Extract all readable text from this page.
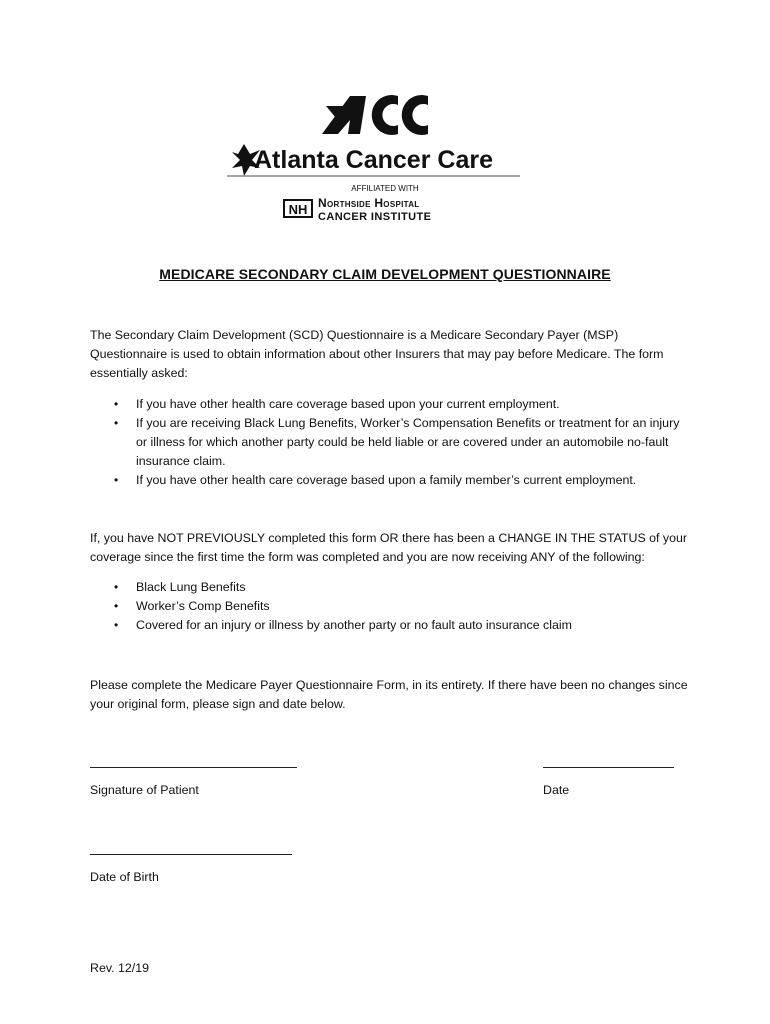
Atlanta Cancer Care
AFFILIATED WITH
NH Northside Hospital
CANCER INSTITUTE
MEDICARE SECONDARY CLAIM DEVELOPMENT QUESTIONNAIRE
The Secondary Claim Development (SCD) Questionnaire is a Medicare Secondary Payer (MSP) Questionnaire is used to obtain information about other Insurers that may pay before Medicare. The form essentially asked:
• If you have other health care coverage based upon your current employment.
• If you are receiving Black Lung Benefits, Worker’s Compensation Benefits or treatment for an injury or illness for which another party could be held liable or are covered under an automobile no-fault insurance claim.
• If you have other health care coverage based upon a family member’s current employment.
If, you have NOT PREVIOUSLY completed this form OR there has been a CHANGE IN THE STATUS of your coverage since the first time the form was completed and you are now receiving ANY of the following:
• Black Lung Benefits
• Worker’s Comp Benefits
• Covered for an injury or illness by another party or no fault auto insurance claim
Please complete the Medicare Payer Questionnaire Form, in its entirety. If there have been no changes since your original form, please sign and date below.
Signature of Patient	Date
Date of Birth
Rev. 12/19
